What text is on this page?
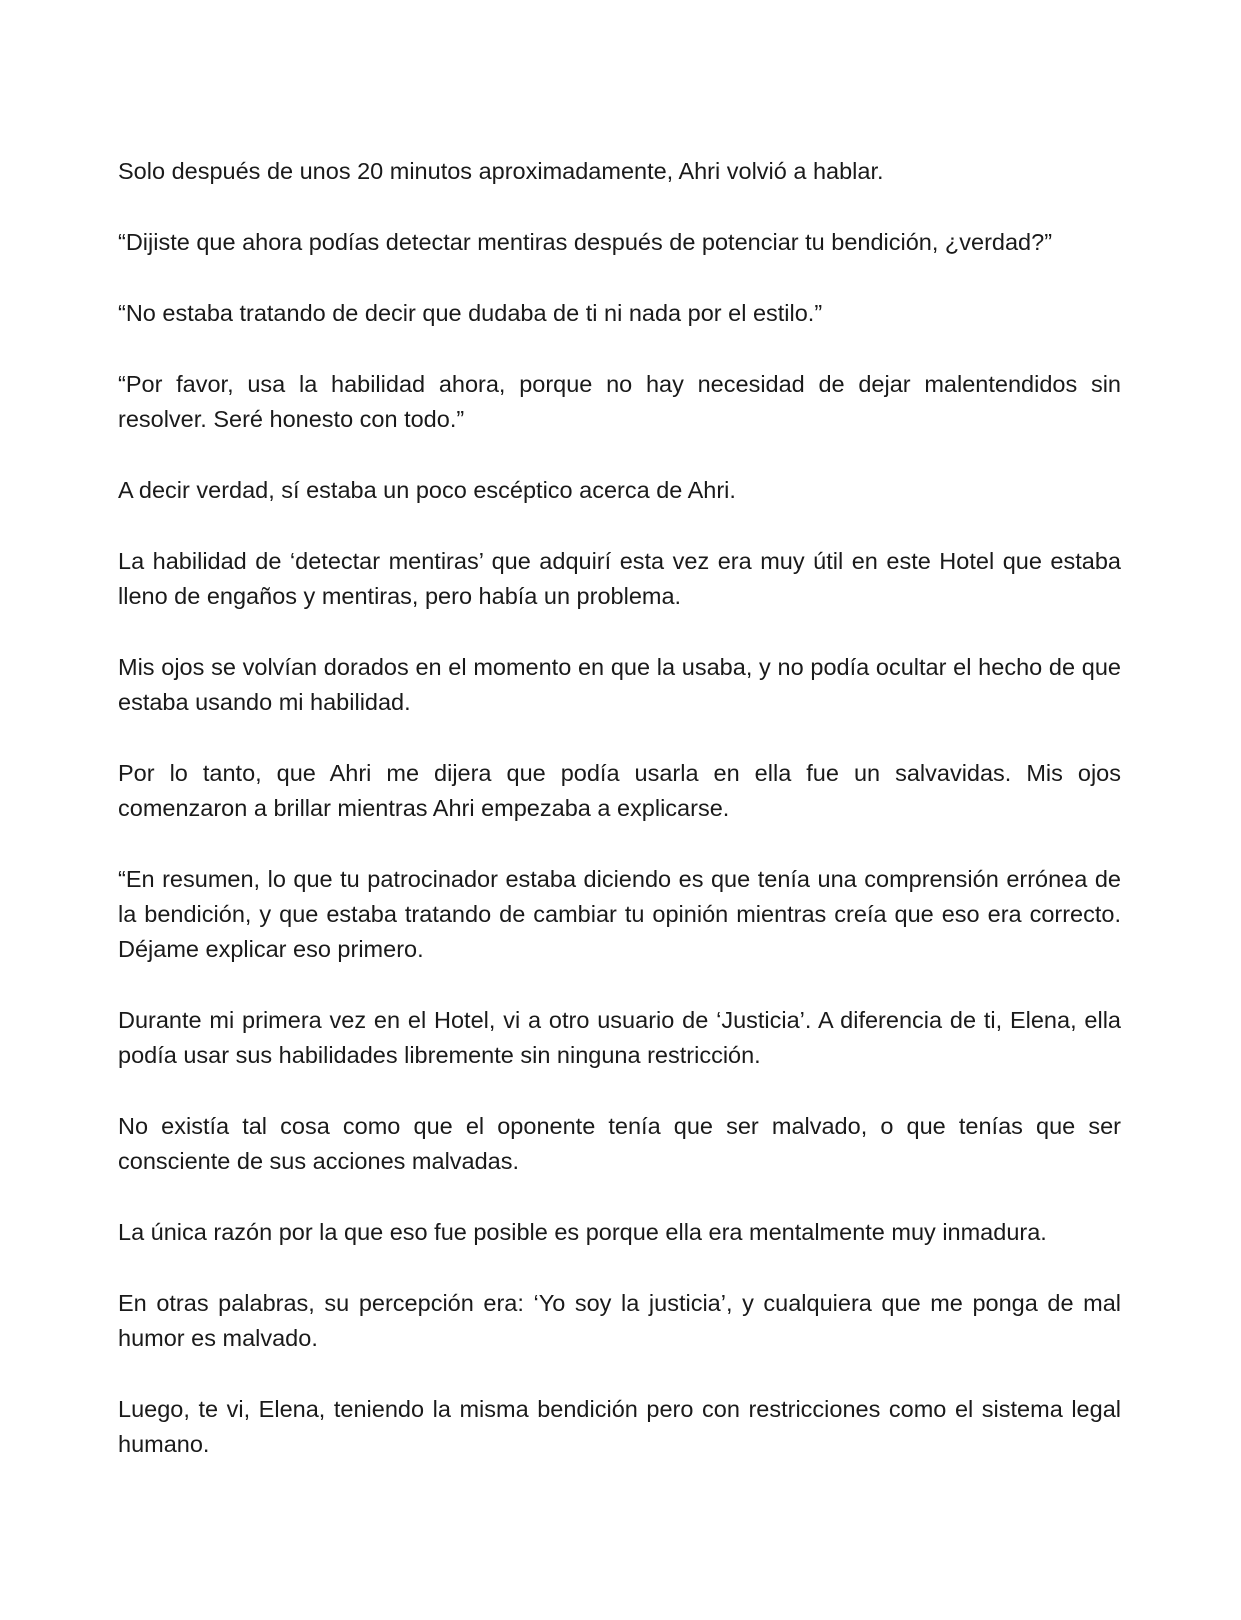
Solo después de unos 20 minutos aproximadamente, Ahri volvió a hablar.

“Dijiste que ahora podías detectar mentiras después de potenciar tu bendición, ¿verdad?”

“No estaba tratando de decir que dudaba de ti ni nada por el estilo.”

“Por favor, usa la habilidad ahora, porque no hay necesidad de dejar malentendidos sin resolver. Seré honesto con todo.”

A decir verdad, sí estaba un poco escéptico acerca de Ahri.

La habilidad de ‘detectar mentiras’ que adquirí esta vez era muy útil en este Hotel que estaba lleno de engaños y mentiras, pero había un problema.

Mis ojos se volvían dorados en el momento en que la usaba, y no podía ocultar el hecho de que estaba usando mi habilidad.

Por lo tanto, que Ahri me dijera que podía usarla en ella fue un salvavidas. Mis ojos comenzaron a brillar mientras Ahri empezaba a explicarse.

“En resumen, lo que tu patrocinador estaba diciendo es que tenía una comprensión errónea de la bendición, y que estaba tratando de cambiar tu opinión mientras creía que eso era correcto. Déjame explicar eso primero.

Durante mi primera vez en el Hotel, vi a otro usuario de ‘Justicia’. A diferencia de ti, Elena, ella podía usar sus habilidades libremente sin ninguna restricción.

No existía tal cosa como que el oponente tenía que ser malvado, o que tenías que ser consciente de sus acciones malvadas.

La única razón por la que eso fue posible es porque ella era mentalmente muy inmadura.

En otras palabras, su percepción era: ‘Yo soy la justicia’, y cualquiera que me ponga de mal humor es malvado.

Luego, te vi, Elena, teniendo la misma bendición pero con restricciones como el sistema legal humano.
